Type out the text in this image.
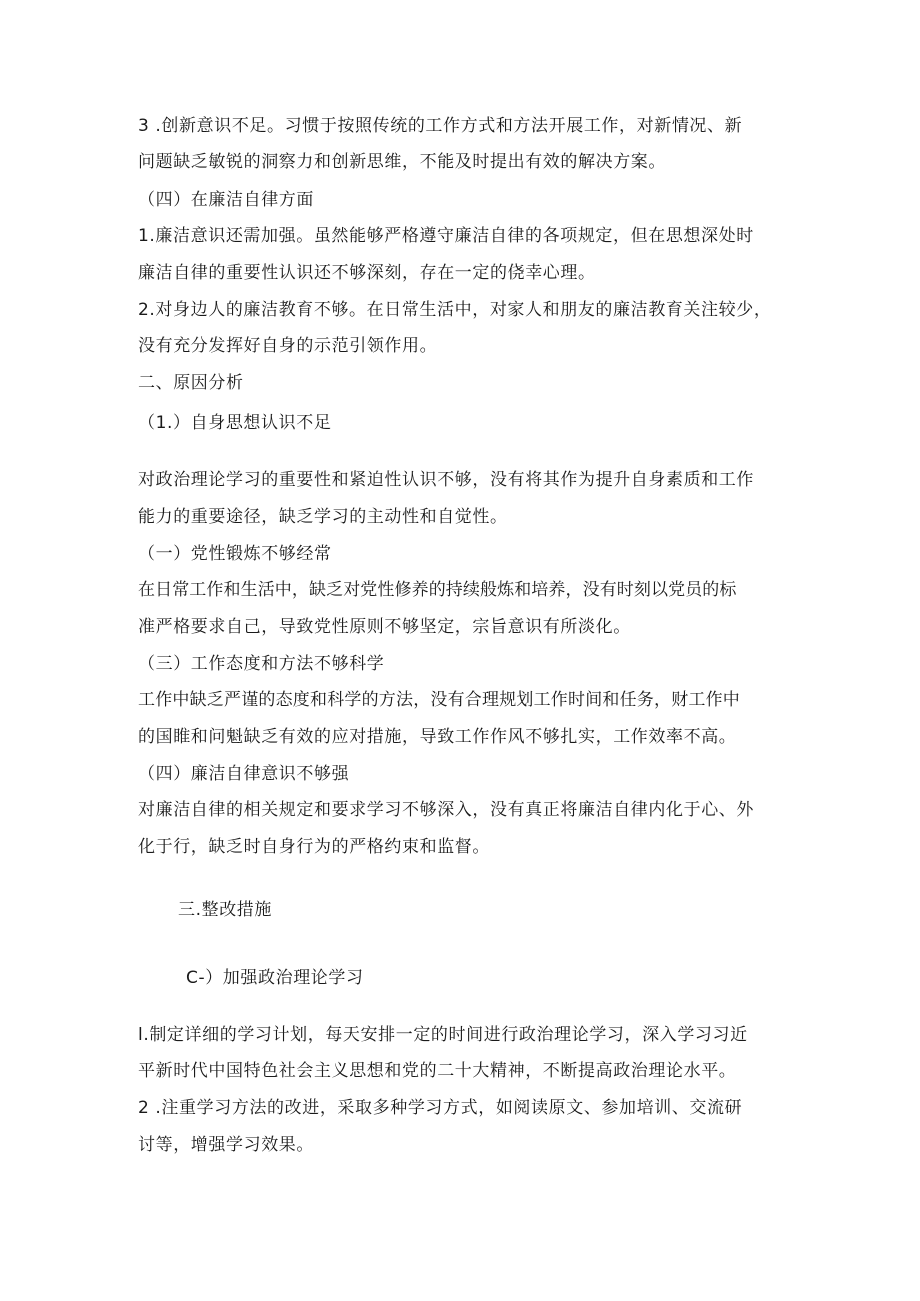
3 .创新意识不足。习惯于按照传统的工作方式和方法开展工作，对新情况、新
问题缺乏敏锐的洞察力和创新思维，不能及时提出有效的解决方案。
（四）在廉洁自律方面
1.廉洁意识还需加强。虽然能够严格遵守廉洁自律的各项规定，但在思想深处时
廉洁自律的重要性认识还不够深刻，存在一定的侥幸心理。
2.对身边人的廉洁教育不够。在日常生活中，对家人和朋友的廉洁教育关注较少，
没有充分发挥好自身的示范引领作用。
二、原因分析
（1.）自身思想认识不足
对政治理论学习的重要性和紧迫性认识不够，没有将其作为提升自身素质和工作
能力的重要途径，缺乏学习的主动性和自觉性。
（一）党性锻炼不够经常
在日常工作和生活中，缺乏对党性修养的持续般炼和培养，没有时刻以党员的标
准严格要求自己，导致党性原则不够坚定，宗旨意识有所淡化。
（三）工作态度和方法不够科学
工作中缺乏严谨的态度和科学的方法，没有合理规划工作时间和任务，财工作中
的国睢和问魁缺乏有效的应对措施，导致工作作风不够扎实，工作效率不高。
（四）廉洁自律意识不够强
对廉洁自律的相关规定和要求学习不够深入，没有真正将廉洁自律内化于心、外
化于行，缺乏时自身行为的严格约束和监督。
三.整改措施
C-）加强政治理论学习
l.制定详细的学习计划，每天安排一定的时间进行政治理论学习，深入学习习近
平新时代中国特色社会主义思想和党的二十大精神，不断提高政治理论水平。
2 .注重学习方法的改进，采取多种学习方式，如阅读原文、参加培训、交流研
讨等，增强学习效果。
